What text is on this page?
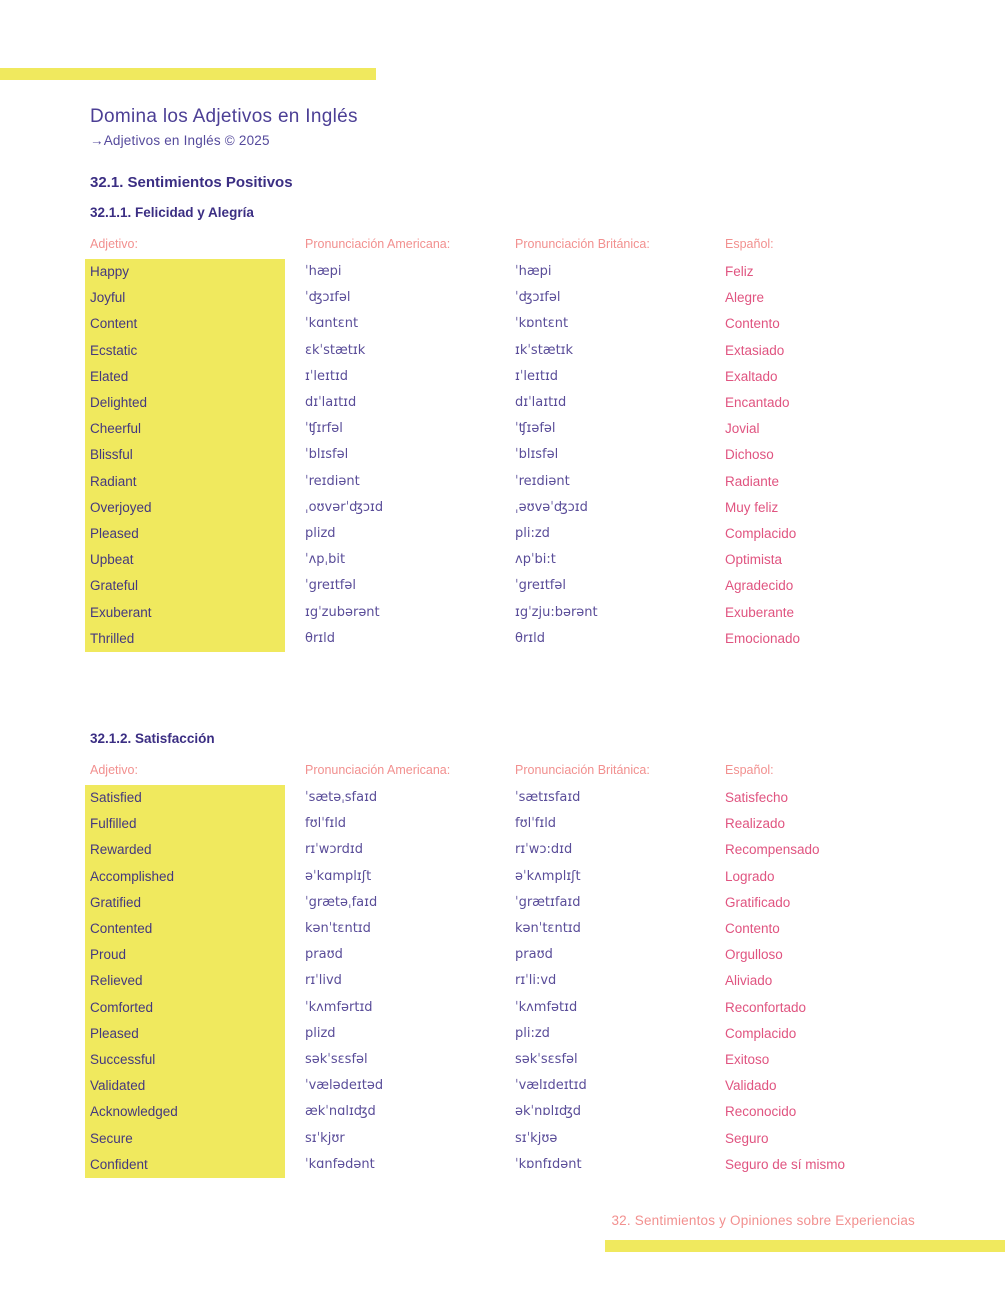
Domina los Adjetivos en Inglés
→Adjetivos en Inglés © 2025
32.1. Sentimientos Positivos
32.1.1. Felicidad y Alegría
Adjetivo:	Pronunciación Americana:	Pronunciación Británica:	Español:
Happy	ˈhæpi	ˈhæpi	Feliz
Joyful	ˈʤɔɪfəl	ˈʤɔɪfəl	Alegre
Content	ˈkɑntɛnt	ˈkɒntɛnt	Contento
Ecstatic	ɛkˈstætɪk	ɪkˈstætɪk	Extasiado
Elated	ɪˈleɪtɪd	ɪˈleɪtɪd	Exaltado
Delighted	dɪˈlaɪtɪd	dɪˈlaɪtɪd	Encantado
Cheerful	ˈʧɪrfəl	ˈʧɪəfəl	Jovial
Blissful	ˈblɪsfəl	ˈblɪsfəl	Dichoso
Radiant	ˈreɪdiənt	ˈreɪdiənt	Radiante
Overjoyed	ˌoʊvərˈʤɔɪd	ˌəʊvəˈʤɔɪd	Muy feliz
Pleased	plizd	pli:zd	Complacido
Upbeat	ˈʌpˌbit	ʌpˈbi:t	Optimista
Grateful	ˈgreɪtfəl	ˈgreɪtfəl	Agradecido
Exuberant	ɪgˈzubərənt	ɪgˈzju:bərənt	Exuberante
Thrilled	θrɪld	θrɪld	Emocionado
32.1.2. Satisfacción
Adjetivo:	Pronunciación Americana:	Pronunciación Británica:	Español:
Satisfied	ˈsætəˌsfaɪd	ˈsætɪsfaɪd	Satisfecho
Fulfilled	fʊlˈfɪld	fʊlˈfɪld	Realizado
Rewarded	rɪˈwɔrdɪd	rɪˈwɔ:dɪd	Recompensado
Accomplished	əˈkɑmplɪʃt	əˈkʌmplɪʃt	Logrado
Gratified	ˈgrætəˌfaɪd	ˈgrætɪfaɪd	Gratificado
Contented	kənˈtɛntɪd	kənˈtɛntɪd	Contento
Proud	praʊd	praʊd	Orgulloso
Relieved	rɪˈlivd	rɪˈli:vd	Aliviado
Comforted	ˈkʌmfərtɪd	ˈkʌmfətɪd	Reconfortado
Pleased	plizd	pli:zd	Complacido
Successful	səkˈsɛsfəl	səkˈsɛsfəl	Exitoso
Validated	ˈvælədeɪtəd	ˈvælɪdeɪtɪd	Validado
Acknowledged	ækˈnɑlɪʤd	əkˈnɒlɪʤd	Reconocido
Secure	sɪˈkjʊr	sɪˈkjʊə	Seguro
Confident	ˈkɑnfədənt	ˈkɒnfɪdənt	Seguro de sí mismo
32. Sentimientos y Opiniones sobre Experiencias
